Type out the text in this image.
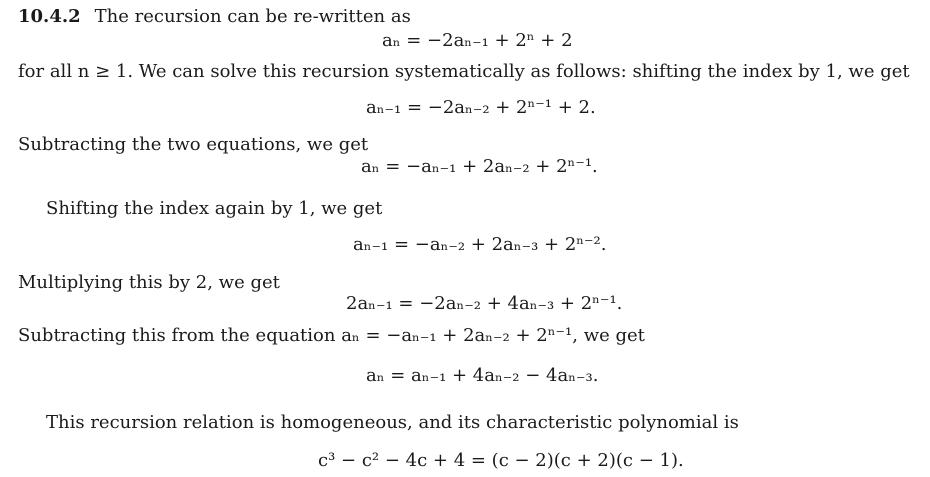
10.4.2 The recursion can be re-written as
aₙ = −2aₙ₋₁ + 2ⁿ + 2
for all n ≥ 1. We can solve this recursion systematically as follows: shifting the index by 1, we get
aₙ₋₁ = −2aₙ₋₂ + 2ⁿ⁻¹ + 2.
Subtracting the two equations, we get
aₙ = −aₙ₋₁ + 2aₙ₋₂ + 2ⁿ⁻¹.
Shifting the index again by 1, we get
aₙ₋₁ = −aₙ₋₂ + 2aₙ₋₃ + 2ⁿ⁻².
Multiplying this by 2, we get
2aₙ₋₁ = −2aₙ₋₂ + 4aₙ₋₃ + 2ⁿ⁻¹.
Subtracting this from the equation aₙ = −aₙ₋₁ + 2aₙ₋₂ + 2ⁿ⁻¹, we get
aₙ = aₙ₋₁ + 4aₙ₋₂ − 4aₙ₋₃.
This recursion relation is homogeneous, and its characteristic polynomial is
c³ − c² − 4c + 4 = (c − 2)(c + 2)(c − 1).
